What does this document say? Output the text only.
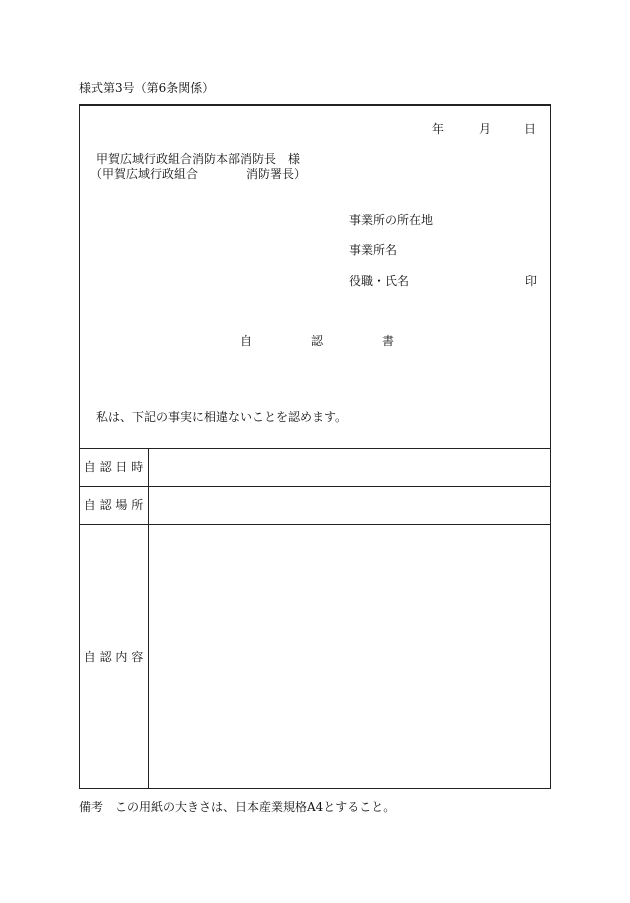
様式第3号（第6条関係）
年	月	日
甲賀広域行政組合消防本部消防長　様
（甲賀広域行政組合　　　　消防署長）
事業所の所在地
事業所名
役職・氏名	印
自	認	書
私は、下記の事実に相違ないことを認めます。
自 認 日 時
自 認 場 所
自 認 内 容
備考　この用紙の大きさは、日本産業規格A4とすること。
